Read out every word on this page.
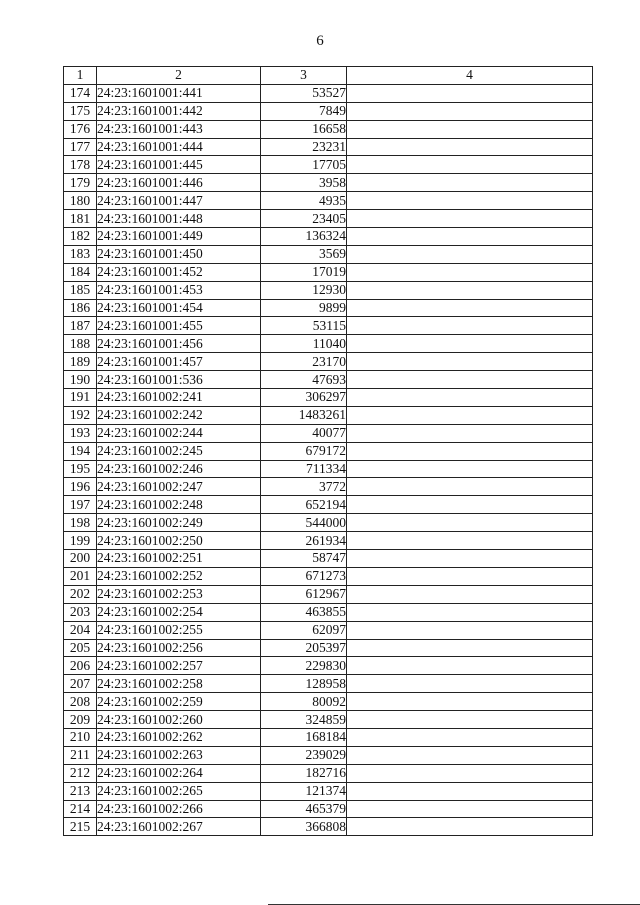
6
1	2	3	4
174	24:23:1601001:441	53527	
175	24:23:1601001:442	7849	
176	24:23:1601001:443	16658	
177	24:23:1601001:444	23231	
178	24:23:1601001:445	17705	
179	24:23:1601001:446	3958	
180	24:23:1601001:447	4935	
181	24:23:1601001:448	23405	
182	24:23:1601001:449	136324	
183	24:23:1601001:450	3569	
184	24:23:1601001:452	17019	
185	24:23:1601001:453	12930	
186	24:23:1601001:454	9899	
187	24:23:1601001:455	53115	
188	24:23:1601001:456	11040	
189	24:23:1601001:457	23170	
190	24:23:1601001:536	47693	
191	24:23:1601002:241	306297	
192	24:23:1601002:242	1483261	
193	24:23:1601002:244	40077	
194	24:23:1601002:245	679172	
195	24:23:1601002:246	711334	
196	24:23:1601002:247	3772	
197	24:23:1601002:248	652194	
198	24:23:1601002:249	544000	
199	24:23:1601002:250	261934	
200	24:23:1601002:251	58747	
201	24:23:1601002:252	671273	
202	24:23:1601002:253	612967	
203	24:23:1601002:254	463855	
204	24:23:1601002:255	62097	
205	24:23:1601002:256	205397	
206	24:23:1601002:257	229830	
207	24:23:1601002:258	128958	
208	24:23:1601002:259	80092	
209	24:23:1601002:260	324859	
210	24:23:1601002:262	168184	
211	24:23:1601002:263	239029	
212	24:23:1601002:264	182716	
213	24:23:1601002:265	121374	
214	24:23:1601002:266	465379	
215	24:23:1601002:267	366808	
